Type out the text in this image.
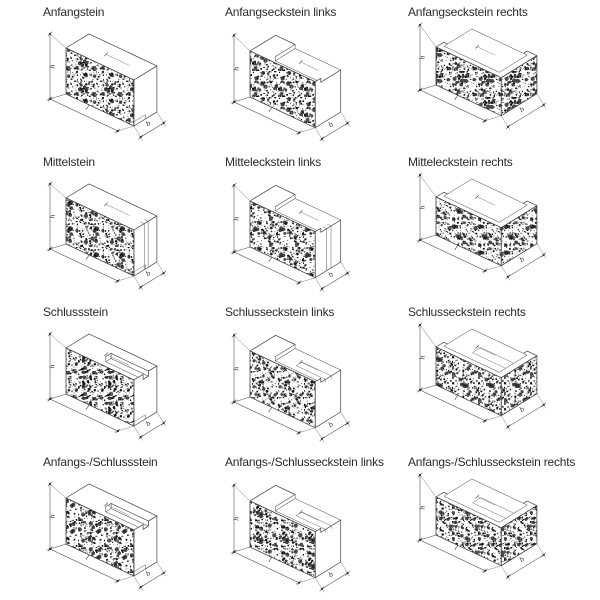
Anfangstein
h
l
b
Anfangseckstein links
h
l
b
Anfangseckstein rechts
h
l
b
Mittelstein
h
l
b
Mitteleckstein links
h
l
b
Mitteleckstein rechts
h
l
b
Schlussstein
h
l
b
Schlusseckstein links
h
l
b
Schlusseckstein rechts
h
l
b
Anfangs-/Schlussstein
h
l
b
Anfangs-/Schlusseckstein links
h
l
b
Anfangs-/Schlusseckstein rechts
h
l
b
